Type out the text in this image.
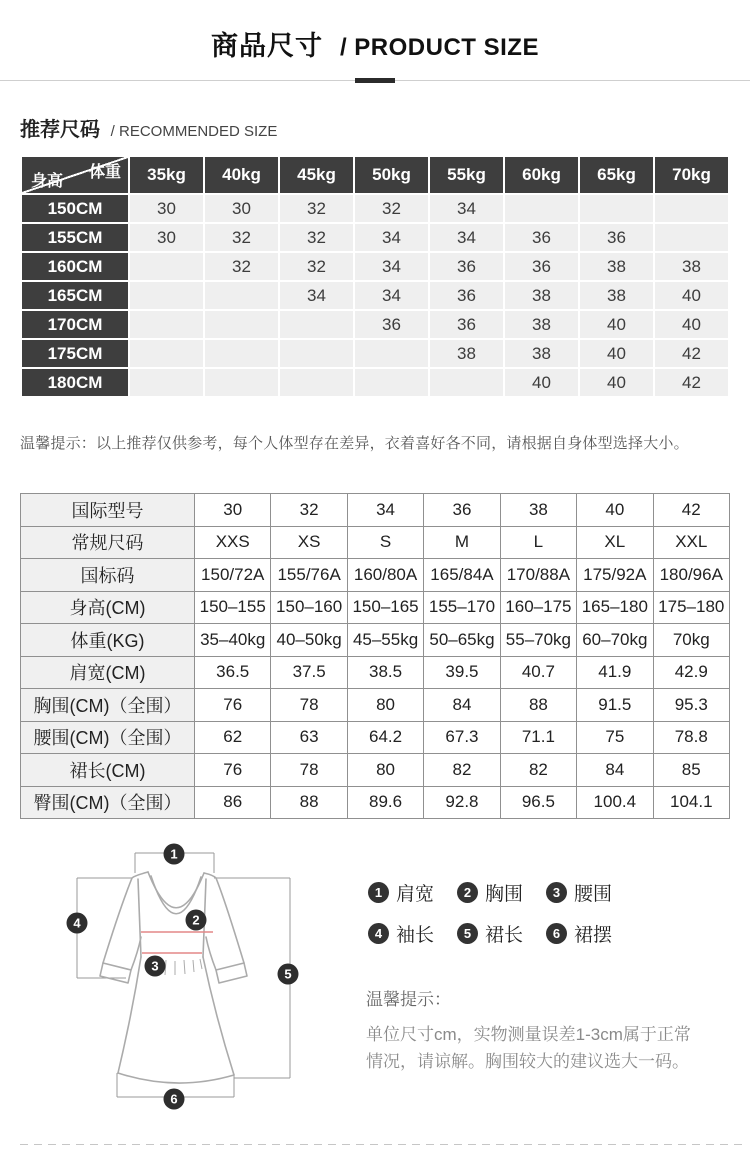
商品尺寸 / PRODUCT SIZE
推荐尺码 / RECOMMENDED SIZE
体重
身高	35kg	40kg	45kg	50kg	55kg	60kg	65kg	70kg
150CM	30	30	32	32	34			
155CM	30	32	32	34	34	36	36	
160CM		32	32	34	36	36	38	38
165CM			34	34	36	38	38	40
170CM				36	36	38	40	40
175CM					38	38	40	42
180CM						40	40	42

温馨提示：以上推荐仅供参考，每个人体型存在差异，衣着喜好各不同，请根据自身体型选择大小。

国际型号	30	32	34	36	38	40	42
常规尺码	XXS	XS	S	M	L	XL	XXL
国标码	150/72A	155/76A	160/80A	165/84A	170/88A	175/92A	180/96A
身高(CM)	150–155	150–160	150–165	155–170	160–175	165–180	175–180
体重(KG)	35–40kg	40–50kg	45–55kg	50–65kg	55–70kg	60–70kg	70kg
肩宽(CM)	36.5	37.5	38.5	39.5	40.7	41.9	42.9
胸围(CM)（全围）	76	78	80	84	88	91.5	95.3
腰围(CM)（全围）	62	63	64.2	67.3	71.1	75	78.8
裙长(CM)	76	78	80	82	82	84	85
臀围(CM)（全围）	86	88	89.6	92.8	96.5	100.4	104.1
1
2
3
4
5
6
1 肩宽	2 胸围	3 腰围
4 袖长	5 裙长	6 裙摆

温馨提示：

单位尺寸cm，实物测量误差1-3cm属于正常

情况，请谅解。胸围较大的建议选大一码。
